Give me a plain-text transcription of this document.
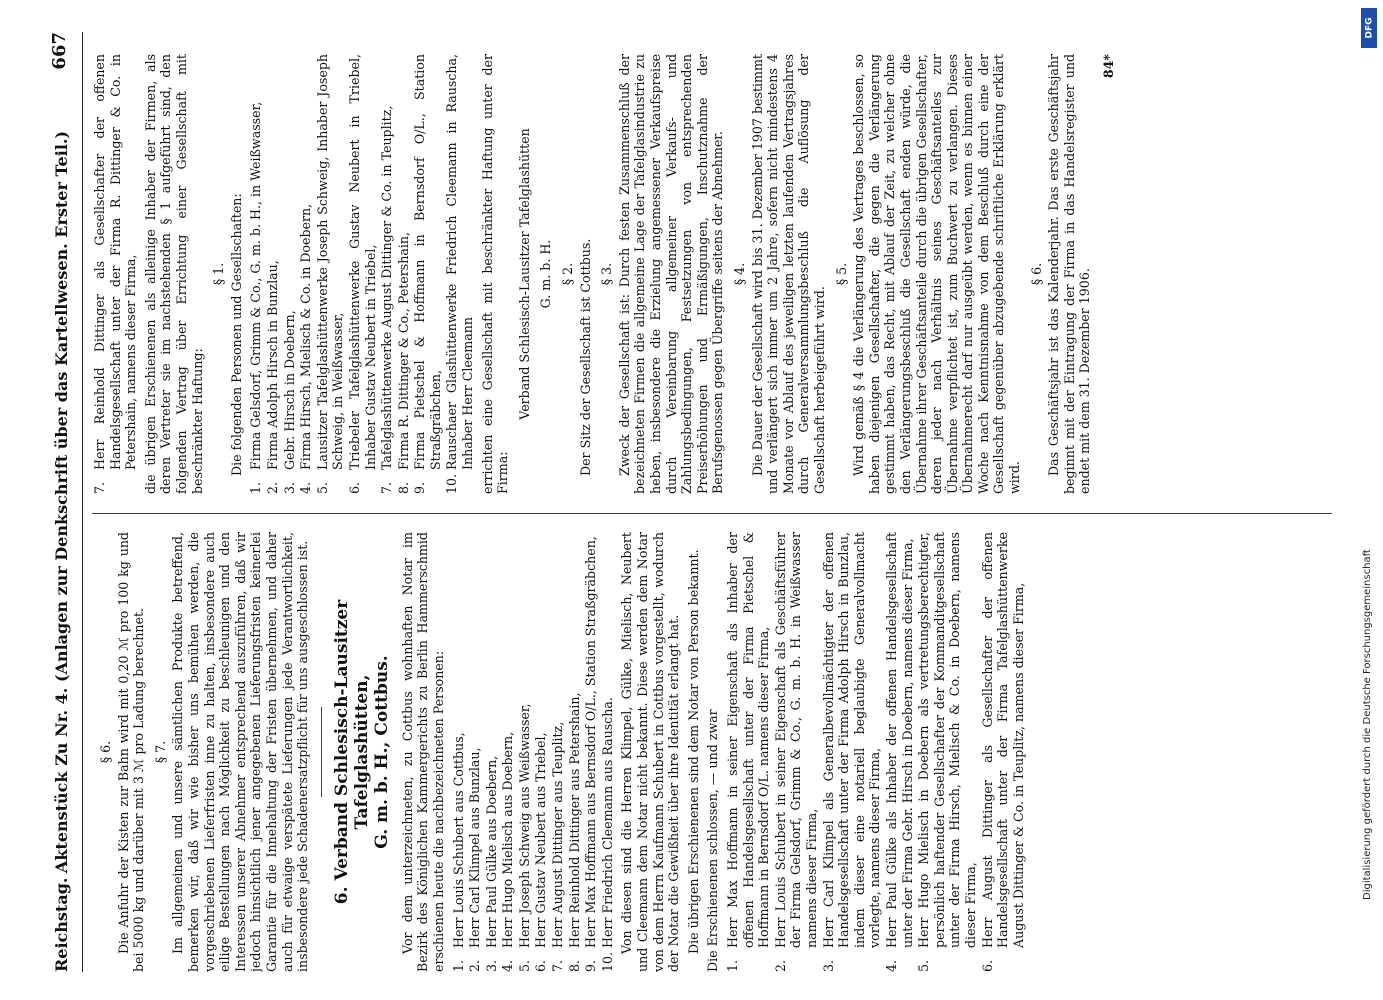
Reichstag.
Aktenstück Zu Nr. 4. (Anlagen zur Denkschrift über das Kartellwesen. Erster Teil.)
667
§ 6. Die Anfuhr der Kisten zur Bahn wird mit 0,20 ℳ pro 100 kg und bei 5000 kg und darüber mit 3 ℳ pro Ladung berechnet. § 7. Im allgemeinen und unsere sämtlichen Produkte betreffend, bemerken wir, daß wir wie bisher uns bemühen werden, die vorgeschriebenen Lieferfristen inne zu halten, insbesondere auch eilige Bestellungen nach Möglichkeit zu beschleunigen und den Interessen unserer Abnehmer entsprechend auszuführen, daß wir jedoch hinsichtlich jener angegebenen Lieferungsfristen keinerlei Garantie für die Innehaltung der Fristen übernehmen, und daher auch für etwaige verspätete Lieferungen jede Verantwortlichkeit, insbesondere jede Schadenersatzpflicht für uns ausgeschlossen ist. 6. Verband Schlesisch-Lausitzer Tafelglashütten, G. m. b. H., Cottbus. Vor dem unterzeichneten, zu Cottbus wohnhaften Notar im Bezirk des Königlichen Kammergerichts zu Berlin Hammerschmid erschienen heute die nachbezeichneten Personen: 1.Herr Louis Schubert aus Cottbus,
2.Herr Carl Klimpel aus Bunzlau,
3.Herr Paul Gülke aus Doebern,
4.Herr Hugo Mielisch aus Doebern,
5.Herr Joseph Schweig aus Weißwasser,
6.Herr Gustav Neubert aus Triebel,
7.Herr August Dittinger aus Teuplitz,
8.Herr Reinhold Dittinger aus Petershain,
9.Herr Max Hoffmann aus Bernsdorf O/L., Station Straßgräbchen,
10.Herr Friedrich Cleemann aus Rauscha. Von diesen sind die Herren Klimpel, Gülke, Mielisch, Neubert und Cleemann dem Notar nicht bekannt. Diese werden dem Notar von dem Herrn Kaufmann Schubert in Cottbus vorgestellt, wodurch der Notar die Gewißheit über ihre Identität erlangt hat. Die übrigen Erschienenen sind dem Notar von Person bekannt. Die Erschienenen schlossen, — und zwar 1.Herr Max Hoffmann in seiner Eigenschaft als Inhaber der offenen Handelsgesellschaft unter der Firma Pietschel & Hoffmann in Bernsdorf O/L. namens dieser Firma,
2.Herr Louis Schubert in seiner Eigenschaft als Geschäftsführer der Firma Gelsdorf, Grimm & Co., G. m. b. H. in Weißwasser namens dieser Firma,
3.Herr Carl Klimpel als Generalbevollmächtigter der offenen Handelsgesellschaft unter der Firma Adolph Hirsch in Bunzlau, indem dieser eine notariell beglaubigte Generalvollmacht vorlegte, namens dieser Firma,
4.Herr Paul Gülke als Inhaber der offenen Handelsgesellschaft unter der Firma Gebr. Hirsch in Doebern, namens dieser Firma,
5.Herr Hugo Mielisch in Doebern als vertretungsberechtigter, persönlich haftender Gesellschafter der Kommanditgesellschaft unter der Firma Hirsch, Mielisch & Co. in Doebern, namens dieser Firma,
6.Herr August Dittinger als Gesellschafter der offenen Handelsgesellschaft unter der Firma Tafelglashüttenwerke August Dittinger & Co. in Teuplitz, namens dieser Firma,
7.Herr Reinhold Dittinger als Gesellschafter der offenen Handelsgesellschaft unter der Firma R. Dittinger & Co. in Petershain, namens dieser Firma, die übrigen Erschienenen als alleinige Inhaber der Firmen, als deren Vertreter sie im nachstehenden § 1 aufgeführt sind, den folgenden Vertrag über Errichtung einer Gesellschaft mit beschränkter Haftung:

§ 1. Die folgenden Personen und Gesellschaften:

1.Firma Gelsdorf, Grimm & Co., G. m. b. H., in Weißwasser,
2.Firma Adolph Hirsch in Bunzlau,
3.Gebr. Hirsch in Doebern,
4.Firma Hirsch, Mielisch & Co. in Doebern,
5.Lausitzer Tafelglashüttenwerke Joseph Schweig, Inhaber Joseph Schweig, in Weißwasser,
6.Triebeler Tafelglashüttenwerke Gustav Neubert in Triebel, Inhaber Gustav Neubert in Triebel,
7.Tafelglashüttenwerke August Dittinger & Co. in Teuplitz,
8.Firma R. Dittinger & Co., Petershain,
9.Firma Pietschel & Hoffmann in Bernsdorf O/L., Station Straßgräbchen,
10.Rauschaer Glashüttenwerke Friedrich Cleemann in Rauscha, Inhaber Herr Cleemann errichten eine Gesellschaft mit beschränkter Haftung unter der Firma:

Verband Schlesisch-Lausitzer Tafelglashütten G. m. b. H. § 2. Der Sitz der Gesellschaft ist Cottbus. § 3. Zweck der Gesellschaft ist: Durch festen Zusammenschluß der bezeichneten Firmen die allgemeine Lage der Tafelglasindustrie zu heben, insbesondere die Erzielung angemessener Verkaufspreise durch Vereinbarung allgemeiner Verkaufs- und Zahlungsbedingungen, Festsetzungen von entsprechenden Preiserhöhungen und Ermäßigungen, Inschutznahme der Berufsgenossen gegen Übergriffe seitens der Abnehmer. § 4. Die Dauer der Gesellschaft wird bis 31. Dezember 1907 bestimmt und verlängert sich immer um 2 Jahre, sofern nicht mindestens 4 Monate vor Ablauf des jeweiligen letzten laufenden Vertragsjahres durch Generalversammlungsbeschluß die Auflösung der Gesellschaft herbeigeführt wird.

§ 5. Wird gemäß § 4 die Verlängerung des Vertrages beschlossen, so haben diejenigen Gesellschafter, die gegen die Verlängerung gestimmt haben, das Recht, mit Ablauf der Zeit, zu welcher ohne den Verlängerungsbeschluß die Gesellschaft enden würde, die Übernahme ihrer Geschäftsanteile durch die übrigen Gesellschafter, deren jeder nach Verhältnis seines Geschäftsanteiles zur Übernahme verpflichtet ist, zum Buchwert zu verlangen. Dieses Übernahmerecht darf nur ausgeübt werden, wenn es binnen einer Woche nach Kenntnisnahme von dem Beschluß durch eine der Gesellschaft gegenüber abzugebende schriftliche Erklärung erklärt wird.

§ 6. Das Geschäftsjahr ist das Kalenderjahr. Das erste Geschäftsjahr beginnt mit der Eintragung der Firma in das Handelsregister und endet mit dem 31. Dezember 1906.

84*
DFG
Digitalisierung gefördert durch die Deutsche Forschungsgemeinschaft
